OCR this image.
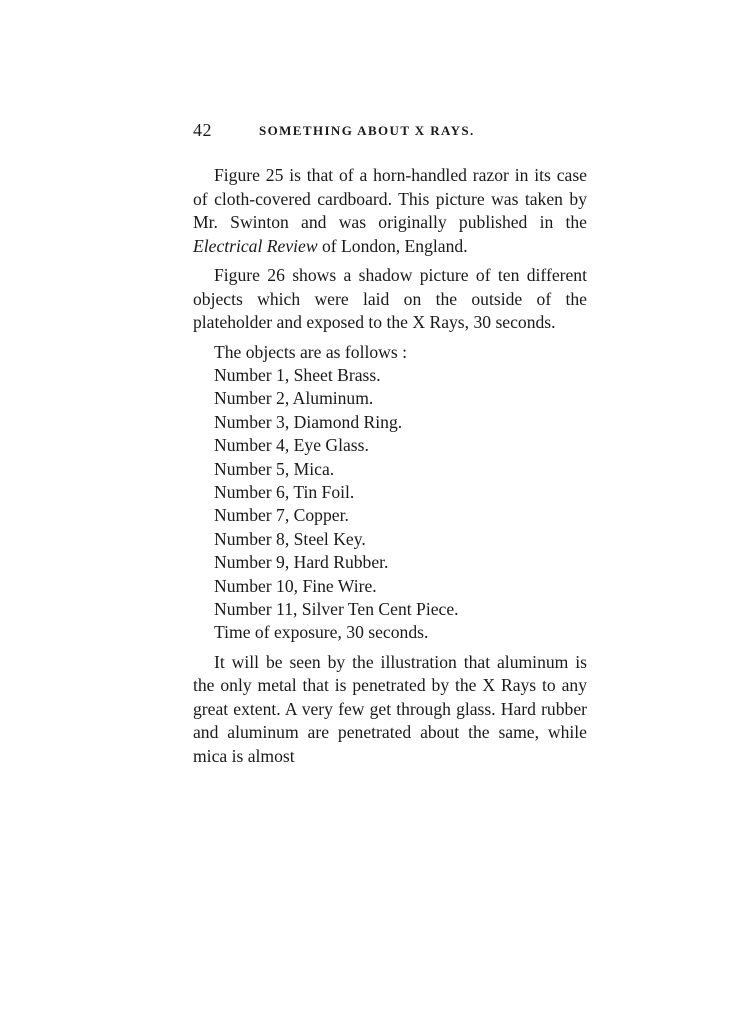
42	SOMETHING ABOUT X RAYS.

Figure 25 is that of a horn-handled razor in its case of cloth-covered cardboard. This picture was taken by Mr. Swinton and was originally published in the Electrical Review of London, England.

Figure 26 shows a shadow picture of ten different objects which were laid on the outside of the plateholder and exposed to the X Rays, 30 seconds.

The objects are as follows :
Number 1, Sheet Brass.
Number 2, Aluminum.
Number 3, Diamond Ring.
Number 4, Eye Glass.
Number 5, Mica.
Number 6, Tin Foil.
Number 7, Copper.
Number 8, Steel Key.
Number 9, Hard Rubber.
Number 10, Fine Wire.
Number 11, Silver Ten Cent Piece.
Time of exposure, 30 seconds.

It will be seen by the illustration that aluminum is the only metal that is penetrated by the X Rays to any great extent. A very few get through glass. Hard rubber and aluminum are penetrated about the same, while mica is almost
